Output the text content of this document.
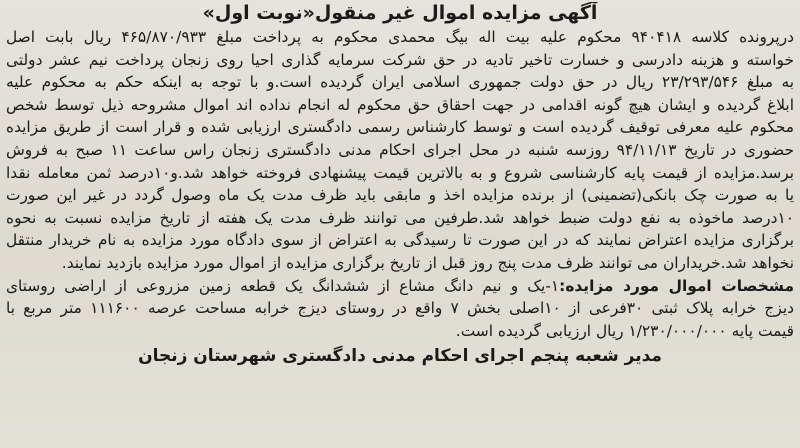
آگهی مزایده اموال غیر منقول«نوبت اول»
درپرونده کلاسه ۹۴۰۴۱۸ محکوم علیه بیت اله بیگ محمدی محکوم به پرداخت مبلغ ۴۶۵/۸۷۰/۹۳۳ ریال بابت اصل
خواسته و هزینه دادرسی و خسارت تاخیر تادیه در حق شرکت سرمایه گذاری احیا روی زنجان پرداخت نیم عشر دولتی
به مبلغ ۲۳/۲۹۳/۵۴۶ ریال در حق دولت جمهوری اسلامی ایران گردیده است.و با توجه به اینکه حکم به محکوم علیه
ابلاغ گردیده و ایشان هیچ گونه اقدامی در جهت احقاق حق محکوم له انجام نداده اند اموال مشروحه ذیل توسط شخص
محکوم علیه معرفی توقیف گردیده است و توسط کارشناس رسمی دادگستری ارزیابی شده و قرار است از طریق مزایده
حضوری در تاریخ ۹۴/۱۱/۱۳ روزسه شنبه در محل اجرای احکام مدنی دادگستری زنجان راس ساعت ۱۱ صبح به فروش
برسد.مزایده از قیمت پایه کارشناسی شروع و به بالاترین قیمت پیشنهادی فروخته خواهد شد.و۱۰درصد ثمن معامله نقدا
یا به صورت چک بانکی(تضمینی) از برنده مزایده اخذ و مابقی باید ظرف مدت یک ماه وصول گردد در غیر این صورت
۱۰درصد ماخوذه به نفع دولت ضبط خواهد شد.طرفین می توانند ظرف مدت یک هفته از تاریخ مزایده نسبت به نحوه
برگزاری مزایده اعتراض نمایند که در این صورت تا رسیدگی به اعتراض از سوی دادگاه مورد مزایده به نام خریدار منتقل
نخواهد شد.خریداران می توانند ظرف مدت پنج روز قبل از تاریخ برگزاری مزایده از اموال مورد مزایده بازدید نمایند.
مشخصات اموال مورد مزایده:۱-یک و نیم دانگ مشاع از ششدانگ یک قطعه زمین مزروعی از اراضی روستای
دیزج خرابه پلاک ثبتی ۳۰فرعی از ۱۰اصلی بخش ۷ واقع در روستای دیزج خرابه مساحت عرصه ۱۱۱۶۰۰ متر مربع با
قیمت پایه ۱/۲۳۰/۰۰۰/۰۰۰ ریال ارزیابی گردیده است.
مدیر شعبه پنجم اجرای احکام مدنی دادگستری شهرستان زنجان
